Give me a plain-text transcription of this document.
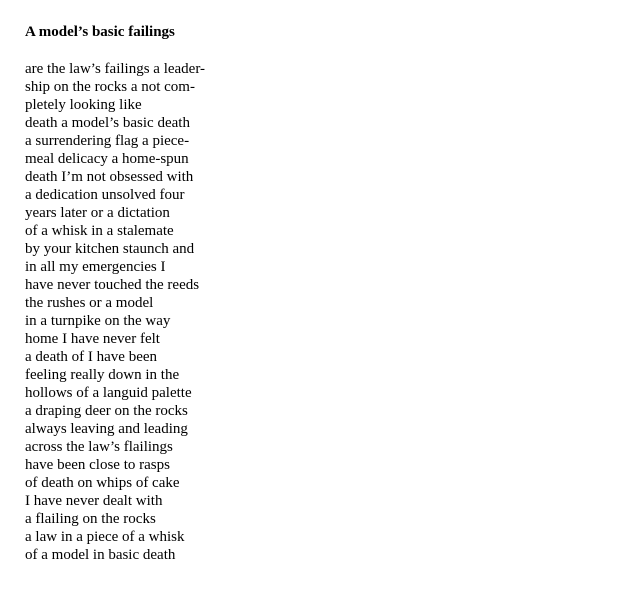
A model’s basic failings
are the law’s failings a leader-
ship on the rocks a not com-
pletely looking like
death a model’s basic death
a surrendering flag a piece-
meal delicacy a home-spun
death I’m not obsessed with
a dedication unsolved four
years later or a dictation
of a whisk in a stalemate
by your kitchen staunch and
in all my emergencies I
have never touched the reeds
the rushes or a model
in a turnpike on the way
home I have never felt
a death of I have been
feeling really down in the
hollows of a languid palette
a draping deer on the rocks
always leaving and leading
across the law’s flailings
have been close to rasps
of death on whips of cake
I have never dealt with
a flailing on the rocks
a law in a piece of a whisk
of a model in basic death
